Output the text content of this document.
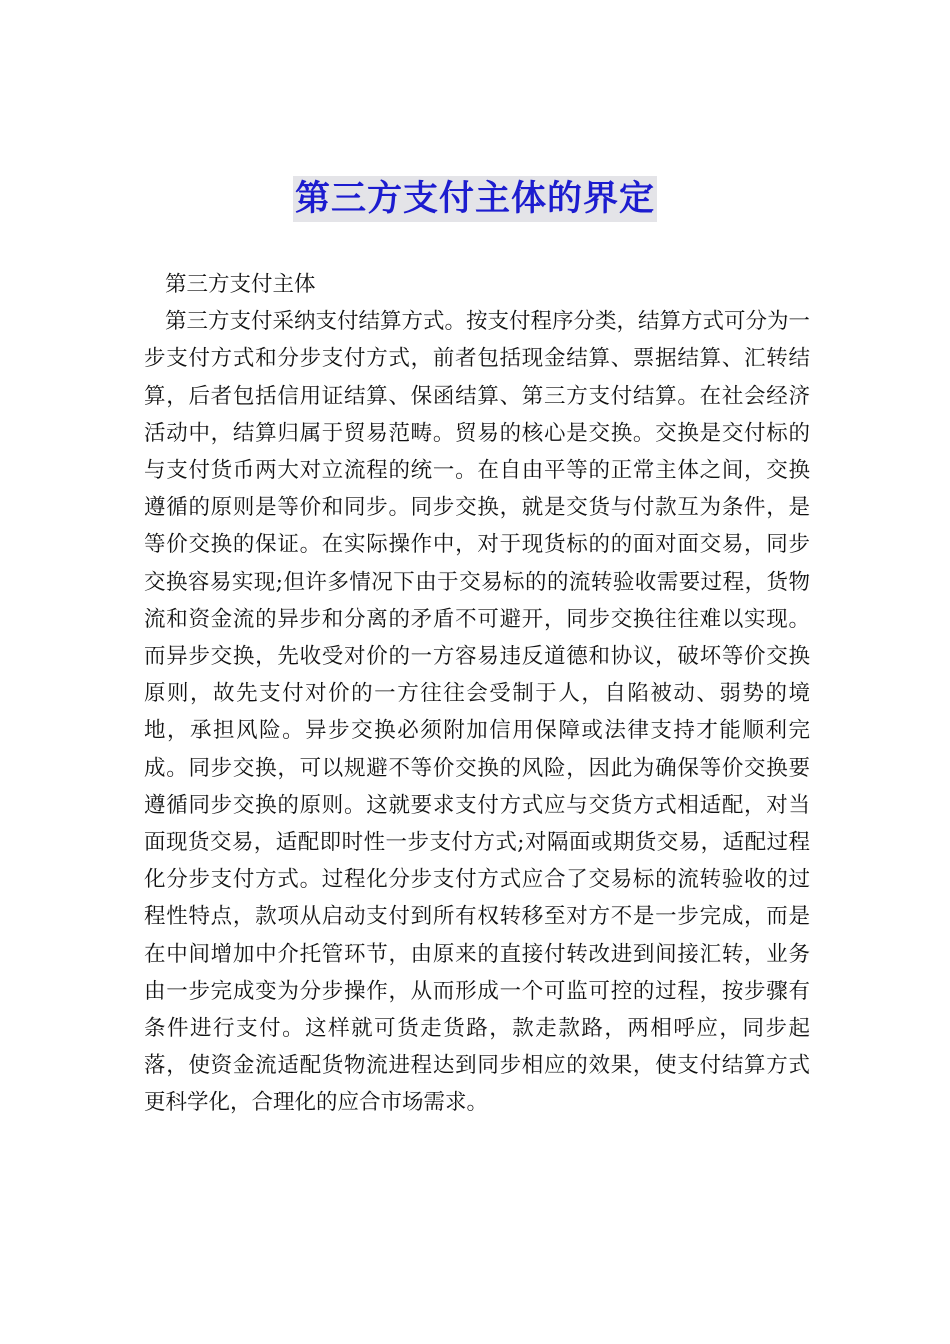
第三方支付主体的界定

第三方支付主体

第三方支付采纳支付结算方式。按支付程序分类，结算方式可分为一步支付方式和分步支付方式，前者包括现金结算、票据结算、汇转结算，后者包括信用证结算、保函结算、第三方支付结算。在社会经济活动中，结算归属于贸易范畴。贸易的核心是交换。交换是交付标的与支付货币两大对立流程的统一。在自由平等的正常主体之间，交换遵循的原则是等价和同步。同步交换，就是交货与付款互为条件，是等价交换的保证。在实际操作中，对于现货标的的面对面交易，同步交换容易实现;但许多情况下由于交易标的的流转验收需要过程，货物流和资金流的异步和分离的矛盾不可避开，同步交换往往难以实现。而异步交换，先收受对价的一方容易违反道德和协议，破坏等价交换原则，故先支付对价的一方往往会受制于人，自陷被动、弱势的境地，承担风险。异步交换必须附加信用保障或法律支持才能顺利完成。同步交换，可以规避不等价交换的风险，因此为确保等价交换要遵循同步交换的原则。这就要求支付方式应与交货方式相适配，对当面现货交易，适配即时性一步支付方式;对隔面或期货交易，适配过程化分步支付方式。过程化分步支付方式应合了交易标的流转验收的过程性特点，款项从启动支付到所有权转移至对方不是一步完成，而是在中间增加中介托管环节，由原来的直接付转改进到间接汇转，业务由一步完成变为分步操作，从而形成一个可监可控的过程，按步骤有条件进行支付。这样就可货走货路，款走款路，两相呼应，同步起落，使资金流适配货物流进程达到同步相应的效果，使支付结算方式更科学化，合理化的应合市场需求。
